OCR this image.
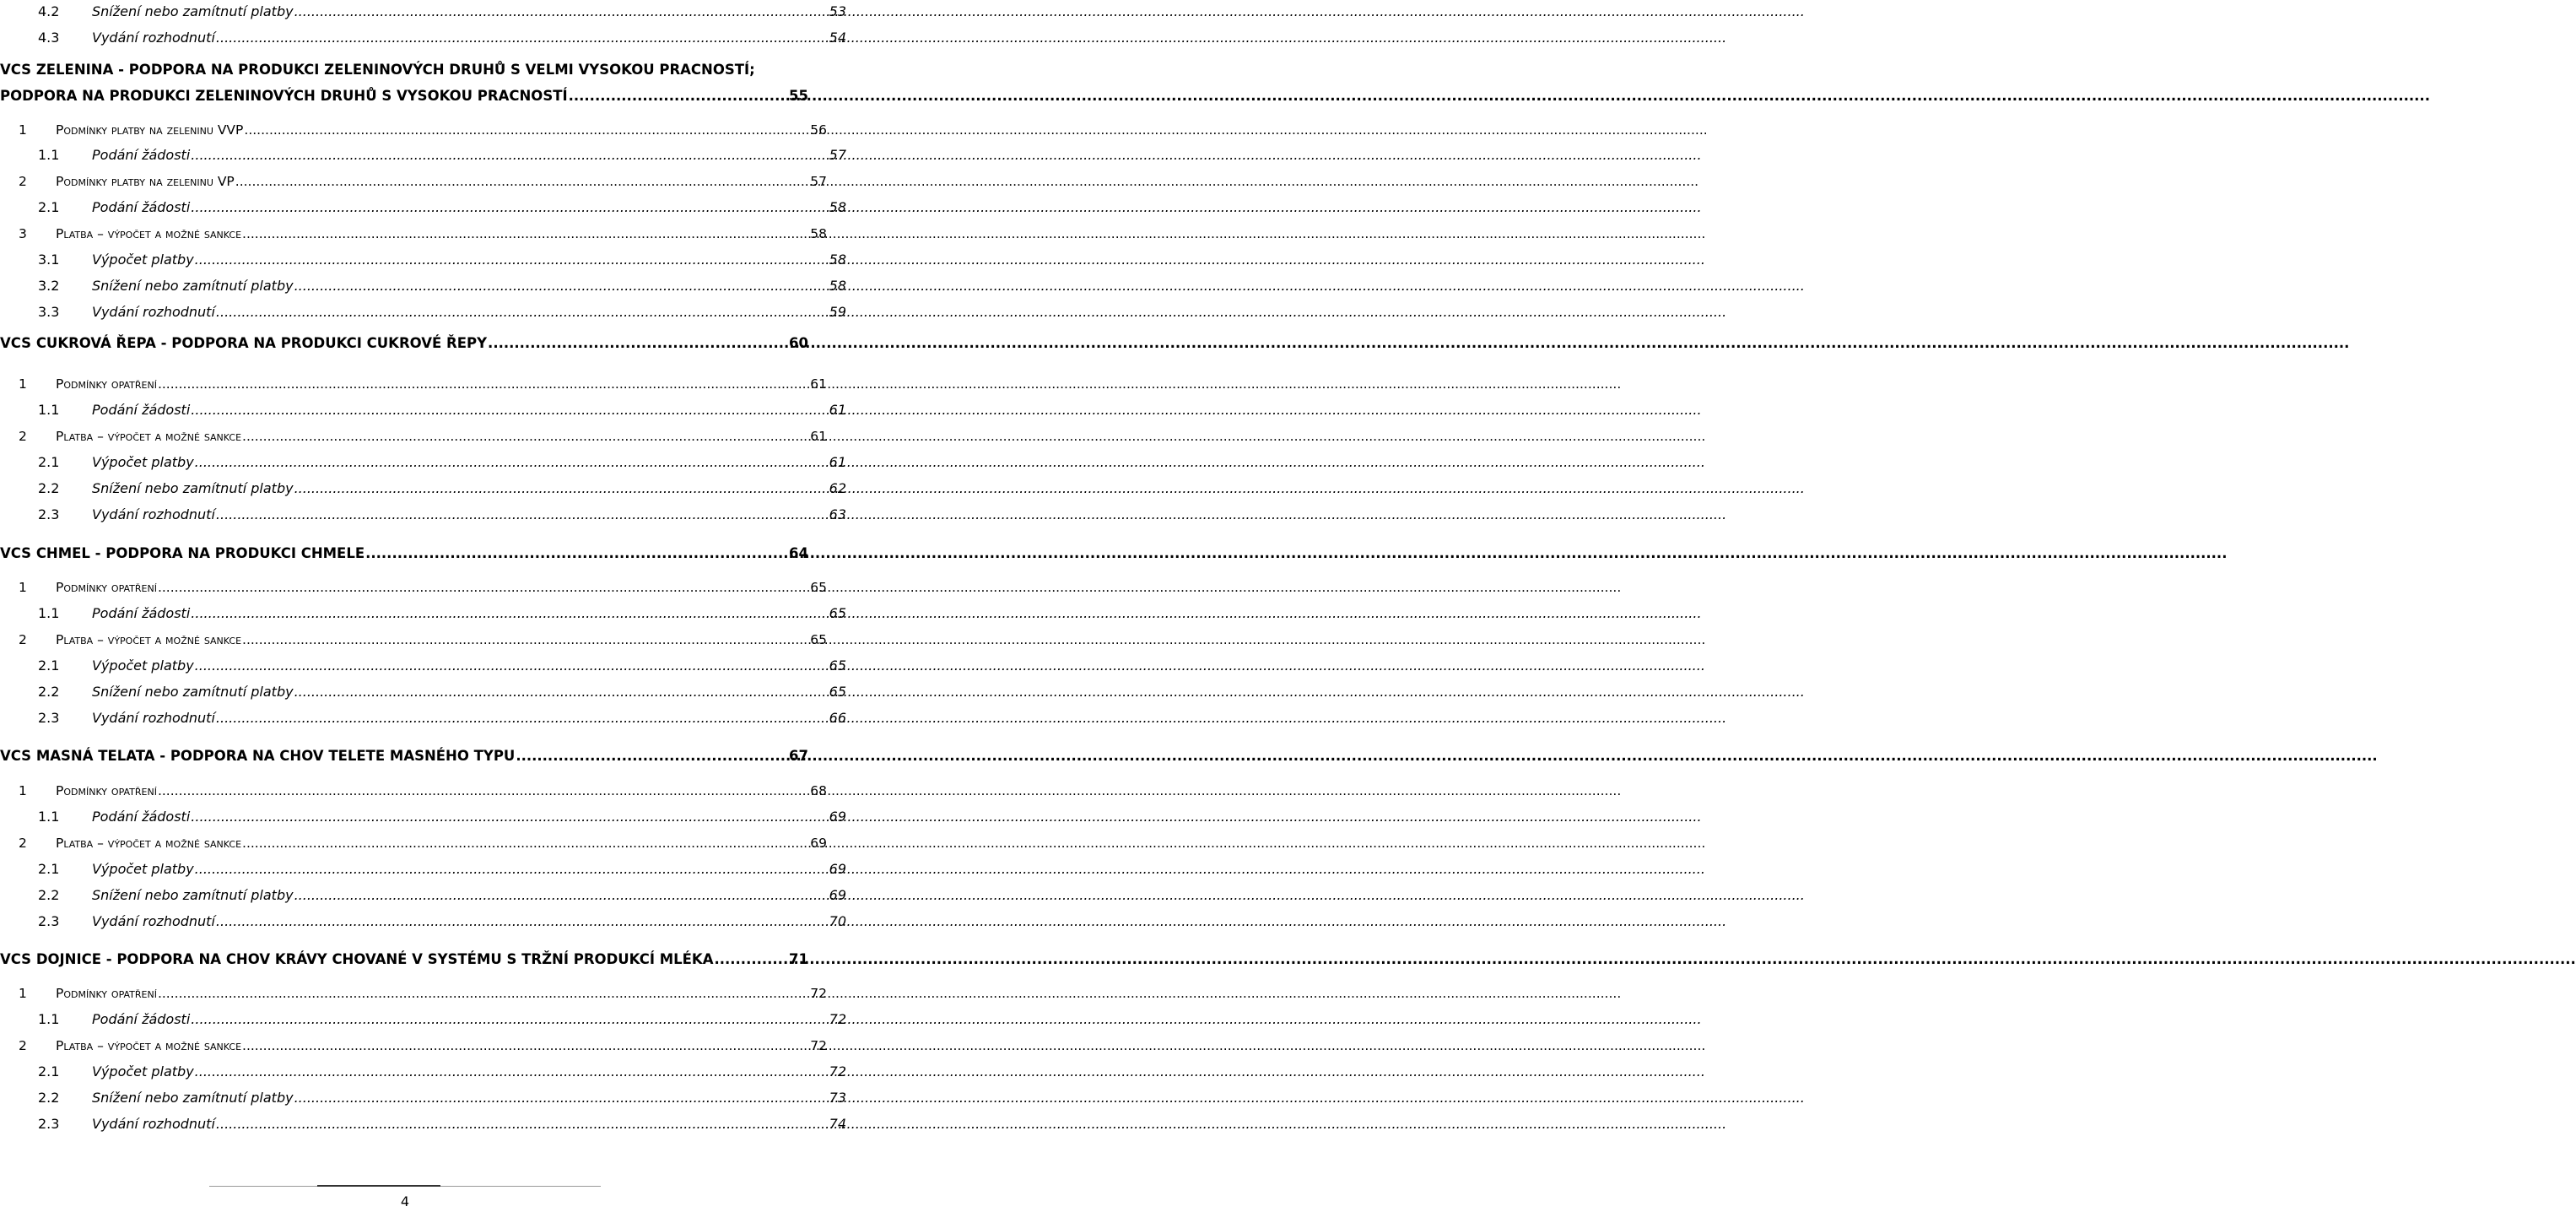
4.2	Snížení nebo zamítnutí platby .....	53
4.3	Vydání rozhodnutí .....	54
VCS ZELENINA - PODPORA NA PRODUKCI ZELENINOVÝCH DRUHŮ S VELMI VYSOKOU PRACNOSTÍ;
PODPORA NA PRODUKCI ZELENINOVÝCH DRUHŮ S VYSOKOU PRACNOSTÍ .....	55
1	Podmínky platby na zeleninu VVP .....	56
1.1	Podání žádosti .....	57
2	Podmínky platby na zeleninu VP .....	57
2.1	Podání žádosti .....	58
3	Platba – výpočet a možné sankce .....	58
3.1	Výpočet platby .....	58
3.2	Snížení nebo zamítnutí platby .....	58
3.3	Vydání rozhodnutí .....	59
VCS CUKROVÁ ŘEPA - PODPORA NA PRODUKCI CUKROVÉ ŘEPY .....	60
1	Podmínky opatření .....	61
1.1	Podání žádosti .....	61
2	Platba – výpočet a možné sankce .....	61
2.1	Výpočet platby .....	61
2.2	Snížení nebo zamítnutí platby .....	62
2.3	Vydání rozhodnutí .....	63
VCS CHMEL - PODPORA NA PRODUKCI CHMELE .....	64
1	Podmínky opatření .....	65
1.1	Podání žádosti .....	65
2	Platba – výpočet a možné sankce .....	65
2.1	Výpočet platby .....	65
2.2	Snížení nebo zamítnutí platby .....	65
2.3	Vydání rozhodnutí .....	66
VCS MASNÁ TELATA - PODPORA NA CHOV TELETE MASNÉHO TYPU .....	67
1	Podmínky opatření .....	68
1.1	Podání žádosti .....	69
2	Platba – výpočet a možné sankce .....	69
2.1	Výpočet platby .....	69
2.2	Snížení nebo zamítnutí platby .....	69
2.3	Vydání rozhodnutí .....	70
VCS DOJNICE - PODPORA NA CHOV KRÁVY CHOVANÉ V SYSTÉMU S TRŽNÍ PRODUKCÍ MLÉKA .....	71
1	Podmínky opatření .....	72
1.1	Podání žádosti .....	72
2	Platba – výpočet a možné sankce .....	72
2.1	Výpočet platby .....	72
2.2	Snížení nebo zamítnutí platby .....	73
2.3	Vydání rozhodnutí .....	74
4
